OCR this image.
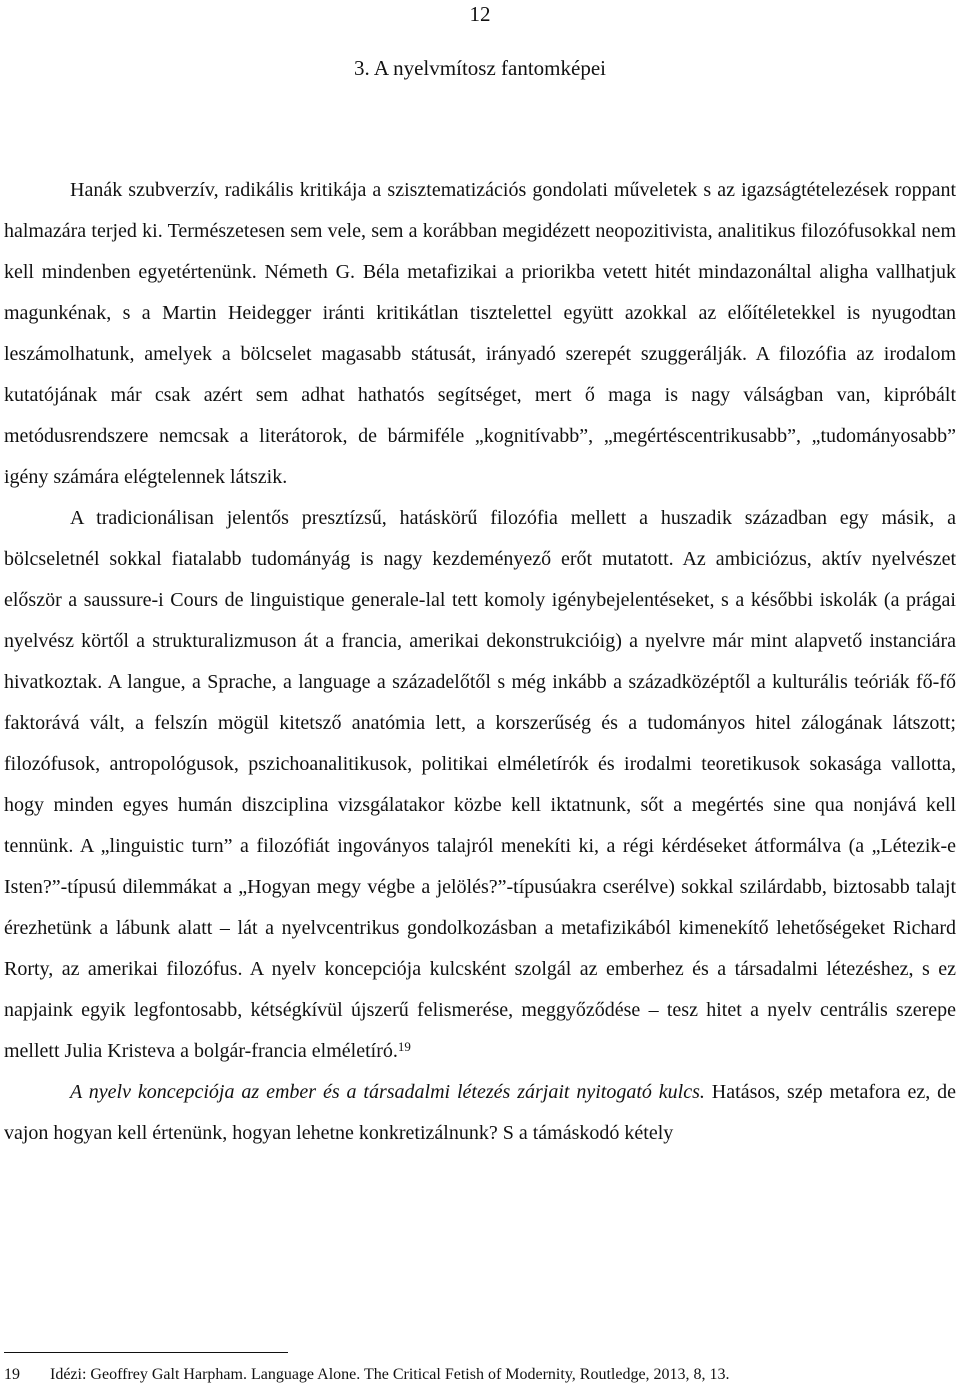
12
3. A nyelvmítosz fantomképei

Hanák szubverzív, radikális kritikája a szisztematizációs gondolati műveletek s az igazságtételezések roppant halmazára terjed ki. Természetesen sem vele, sem a korábban megidézett neopozitivista, analitikus filozófusokkal nem kell mindenben egyetértenünk. Németh G. Béla metafizikai a priorikba vetett hitét mindazonáltal aligha vallhatjuk magunkénak, s a Martin Heidegger iránti kritikátlan tisztelettel együtt azokkal az előítéletekkel is nyugodtan leszámolhatunk, amelyek a bölcselet magasabb státusát, irányadó szerepét szuggerálják. A filozófia az irodalom kutatójának már csak azért sem adhat hathatós segítséget, mert ő maga is nagy válságban van, kipróbált metódusrendszere nemcsak a literátorok, de bármiféle „kognitívabb”, „megértéscentrikusabb”, „tudományosabb” igény számára elégtelennek látszik.

A tradicionálisan jelentős presztízsű, hatáskörű filozófia mellett a huszadik században egy másik, a bölcseletnél sokkal fiatalabb tudományág is nagy kezdeményező erőt mutatott. Az ambiciózus, aktív nyelvészet először a saussure-i Cours de linguistique generale-lal tett komoly igénybejelentéseket, s a későbbi iskolák (a prágai nyelvész körtől a strukturalizmuson át a francia, amerikai dekonstrukcióig) a nyelvre már mint alapvető instanciára hivatkoztak. A langue, a Sprache, a language a századelőtől s még inkább a századközéptől a kulturális teóriák fő-fő faktorává vált, a felszín mögül kitetsző anatómia lett, a korszerűség és a tudományos hitel zálogának látszott; filozófusok, antropológusok, pszichoanalitikusok, politikai elméletírók és irodalmi teoretikusok sokasága vallotta, hogy minden egyes humán diszciplina vizsgálatakor közbe kell iktatnunk, sőt a megértés sine qua nonjává kell tennünk. A „linguistic turn” a filozófiát ingoványos talajról menekíti ki, a régi kérdéseket átformálva (a „Létezik-e Isten?”-típusú dilemmákat a „Hogyan megy végbe a jelölés?”-típusúakra cserélve) sokkal szilárdabb, biztosabb talajt érezhetünk a lábunk alatt – lát a nyelvcentrikus gondolkozásban a metafizikából kimenekítő lehetőségeket Richard Rorty, az amerikai filozófus. A nyelv koncepciója kulcsként szolgál az emberhez és a társadalmi létezéshez, s ez napjaink egyik legfontosabb, kétségkívül újszerű felismerése, meggyőződése – tesz hitet a nyelv centrális szerepe mellett Julia Kristeva a bolgár-francia elméletíró.$^{19}$

A nyelv koncepciója az ember és a társadalmi létezés zárjait nyitogató kulcs. Hatásos, szép metafora ez, de vajon hogyan kell értenünk, hogyan lehetne konkretizálnunk? S a támáskodó kétely

19 Idézi: Geoffrey Galt Harpham. Language Alone. The Critical Fetish of Modernity, Routledge, 2013, 8, 13.
